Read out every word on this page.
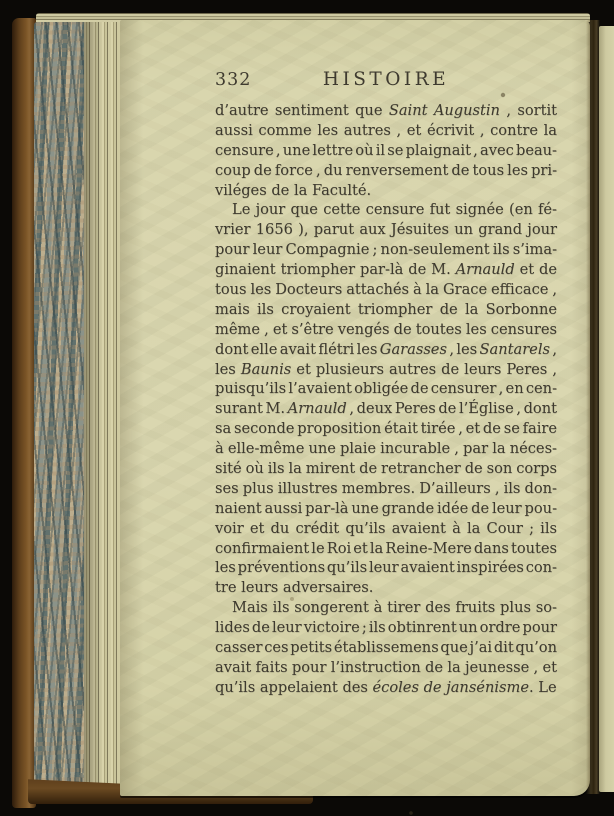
332	HISTOIRE
d’autre sentiment que Saint Augustin , sortit
aussi comme les autres , et écrivit , contre la
censure , une lettre où il se plaignait , avec beau-
coup de force , du renversement de tous les pri-
viléges de la Faculté.
Le jour que cette censure fut signée (en fé-
vrier 1656 ), parut aux Jésuites un grand jour
pour leur Compagnie ; non-seulement ils s’ima-
ginaient triompher par-là de M. Arnauld et de
tous les Docteurs attachés à la Grace efficace ,
mais ils croyaient triompher de la Sorbonne
même , et s’être vengés de toutes les censures
dont elle avait flétri les Garasses , les Santarels ,
les Baunis et plusieurs autres de leurs Peres ,
puisqu’ils l’avaient obligée de censurer , en cen-
surant M. Arnauld , deux Peres de l’Église , dont
sa seconde proposition était tirée , et de se faire
à elle-même une plaie incurable , par la néces-
sité où ils la mirent de retrancher de son corps
ses plus illustres membres. D’ailleurs , ils don-
naient aussi par-là une grande idée de leur pou-
voir et du crédit qu’ils avaient à la Cour ; ils
confirmaient le Roi et la Reine-Mere dans toutes
les préventions qu’ils leur avaient inspirées con-
tre leurs adversaires.
Mais ils songerent à tirer des fruits plus so-
lides de leur victoire ; ils obtinrent un ordre pour
casser ces petits établissemens que j’ai dit qu’on
avait faits pour l’instruction de la jeunesse , et
qu’ils appelaient des écoles de jansénisme. Le
